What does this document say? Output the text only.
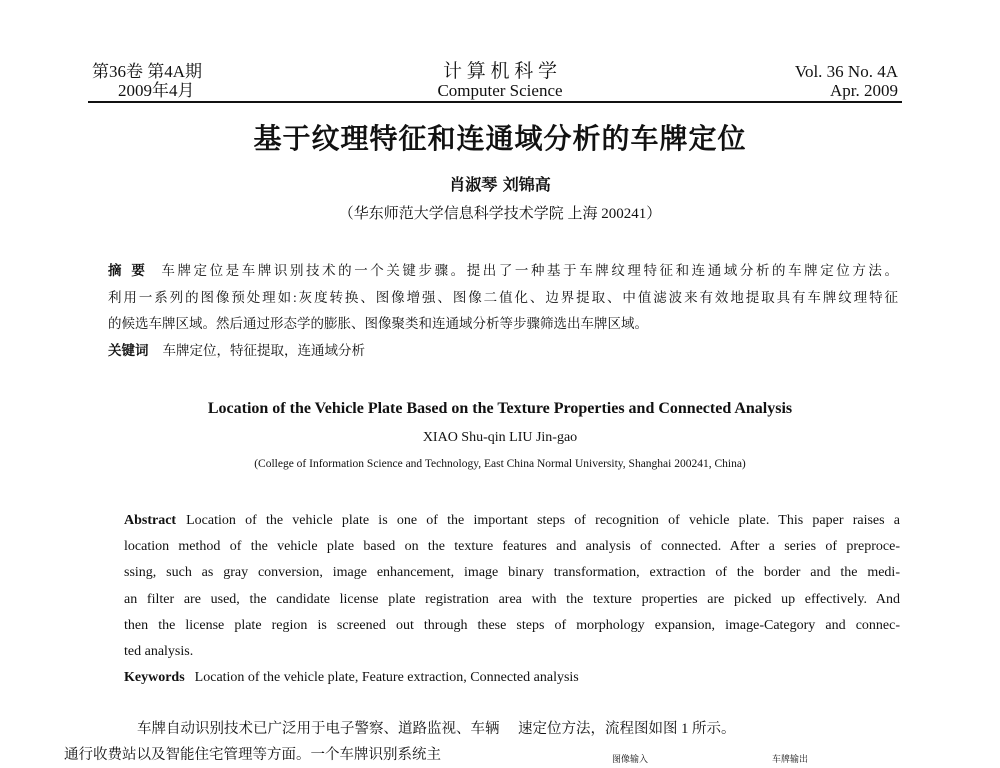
第36卷 第4A期
2009年4月
计 算 机 科 学
Computer Science
Vol. 36 No. 4A
Apr. 2009
基于纹理特征和连通域分析的车牌定位
肖淑琴 刘锦高
（华东师范大学信息科学技术学院 上海 200241）
摘 要 车牌定位是车牌识别技术的一个关键步骤。提出了一种基于车牌纹理特征和连通域分析的车牌定位方法。
利用一系列的图像预处理如:灰度转换、图像增强、图像二值化、边界提取、中值滤波来有效地提取具有车牌纹理特征
的候选车牌区域。然后通过形态学的膨胀、图像聚类和连通域分析等步骤筛选出车牌区域。
关键词 车牌定位，特征提取，连通域分析
Location of the Vehicle Plate Based on the Texture Properties and Connected Analysis
XIAO Shu-qin LIU Jin-gao
(College of Information Science and Technology, East China Normal University, Shanghai 200241, China)
Abstract Location of the vehicle plate is one of the important steps of recognition of vehicle plate. This paper raises a
location method of the vehicle plate based on the texture features and analysis of connected. After a series of preproce-
ssing, such as gray conversion, image enhancement, image binary transformation, extraction of the border and the medi-
an filter are used, the candidate license plate registration area with the texture properties are picked up effectively. And
then the license plate region is screened out through these steps of morphology expansion, image-Category and connec-
ted analysis.
Keywords Location of the vehicle plate, Feature extraction, Connected analysis
　　车牌自动识别技术已广泛用于电子警察、道路监视、车辆
通行收费站以及智能住宅管理等方面。一个车牌识别系统主
速定位方法，流程图如图 1 所示。
图像输入	车牌输出
